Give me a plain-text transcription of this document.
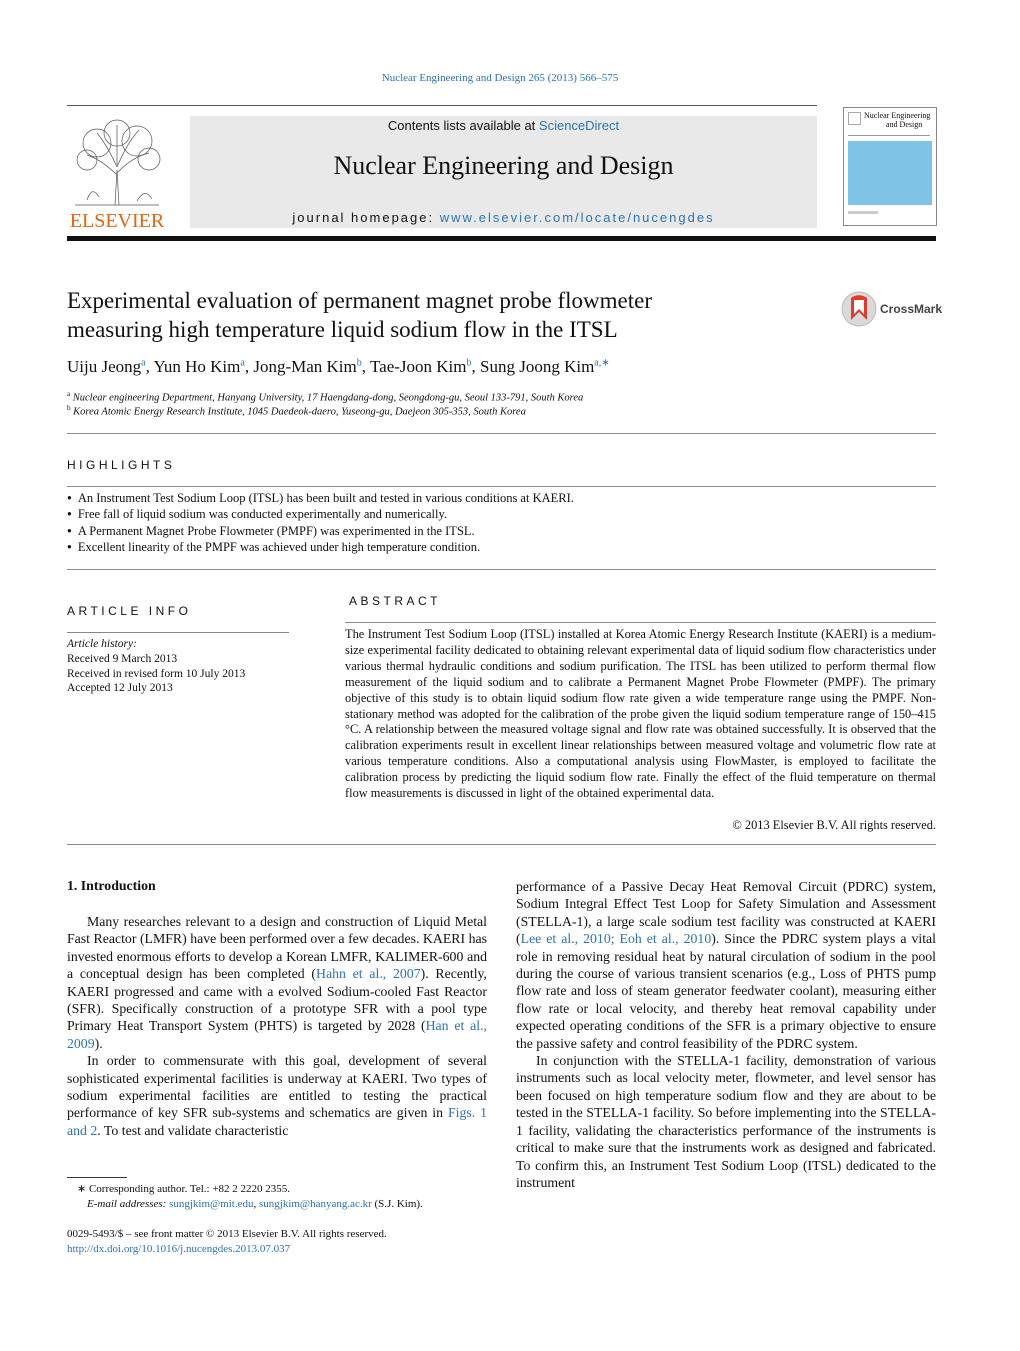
Nuclear Engineering and Design 265 (2013) 566–575
ELSEVIER
Contents lists available at ScienceDirect
Nuclear Engineering and Design
journal homepage: www.elsevier.com/locate/nucengdes
Nuclear Engineering
and Design
Experimental evaluation of permanent magnet probe flowmeter
measuring high temperature liquid sodium flow in the ITSL
CrossMark
Uiju Jeong$^a$, Yun Ho Kim$^a$, Jong-Man Kim$^b$, Tae-Joon Kim$^b$, Sung Joong Kim$^{a,∗}$
$^a$ Nuclear engineering Department, Hanyang University, 17 Haengdang-dong, Seongdong-gu, Seoul 133-791, South Korea
$^b$ Korea Atomic Energy Research Institute, 1045 Daedeok-daero, Yuseong-gu, Daejeon 305-353, South Korea
HIGHLIGHTS
● An Instrument Test Sodium Loop (ITSL) has been built and tested in various conditions at KAERI.
● Free fall of liquid sodium was conducted experimentally and numerically.
● A Permanent Magnet Probe Flowmeter (PMPF) was experimented in the ITSL.
● Excellent linearity of the PMPF was achieved under high temperature condition.
ARTICLE INFO
Article history:
Received 9 March 2013
Received in revised form 10 July 2013
Accepted 12 July 2013
ABSTRACT
The Instrument Test Sodium Loop (ITSL) installed at Korea Atomic Energy Research Institute (KAERI) is a medium-size experimental facility dedicated to obtaining relevant experimental data of liquid sodium flow characteristics under various thermal hydraulic conditions and sodium purification. The ITSL has been utilized to perform thermal flow measurement of the liquid sodium and to calibrate a Permanent Magnet Probe Flowmeter (PMPF). The primary objective of this study is to obtain liquid sodium flow rate given a wide temperature range using the PMPF. Non-stationary method was adopted for the calibration of the probe given the liquid sodium temperature range of 150–415 °C. A relationship between the measured voltage signal and flow rate was obtained successfully. It is observed that the calibration experiments result in excellent linear relationships between measured voltage and volumetric flow rate at various temperature conditions. Also a computational analysis using FlowMaster, is employed to facilitate the calibration process by predicting the liquid sodium flow rate. Finally the effect of the fluid temperature on thermal flow measurements is discussed in light of the obtained experimental data.
© 2013 Elsevier B.V. All rights reserved.
1. Introduction

Many researches relevant to a design and construction of Liquid Metal Fast Reactor (LMFR) have been performed over a few decades. KAERI has invested enormous efforts to develop a Korean LMFR, KALIMER-600 and a conceptual design has been completed (Hahn et al., 2007). Recently, KAERI progressed and came with a evolved Sodium-cooled Fast Reactor (SFR). Specifically construction of a prototype SFR with a pool type Primary Heat Transport System (PHTS) is targeted by 2028 (Han et al., 2009).

In order to commensurate with this goal, development of several sophisticated experimental facilities is underway at KAERI. Two types of sodium experimental facilities are entitled to testing the practical performance of key SFR sub-systems and schematics are given in Figs. 1 and 2. To test and validate characteristic

performance of a Passive Decay Heat Removal Circuit (PDRC) system, Sodium Integral Effect Test Loop for Safety Simulation and Assessment (STELLA-1), a large scale sodium test facility was constructed at KAERI (Lee et al., 2010; Eoh et al., 2010). Since the PDRC system plays a vital role in removing residual heat by natural circulation of sodium in the pool during the course of various transient scenarios (e.g., Loss of PHTS pump flow rate and loss of steam generator feedwater coolant), measuring either flow rate or local velocity, and thereby heat removal capability under expected operating conditions of the SFR is a primary objective to ensure the passive safety and control feasibility of the PDRC system.

In conjunction with the STELLA-1 facility, demonstration of various instruments such as local velocity meter, flowmeter, and level sensor has been focused on high temperature sodium flow and they are about to be tested in the STELLA-1 facility. So before implementing into the STELLA-1 facility, validating the characteristics performance of the instruments is critical to make sure that the instruments work as designed and fabricated. To confirm this, an Instrument Test Sodium Loop (ITSL) dedicated to the instrument

∗ Corresponding author. Tel.: +82 2 2220 2355.
E-mail addresses: sungjkim@mit.edu, sungjkim@hanyang.ac.kr (S.J. Kim).
0029-5493/$ – see front matter © 2013 Elsevier B.V. All rights reserved.
http://dx.doi.org/10.1016/j.nucengdes.2013.07.037
